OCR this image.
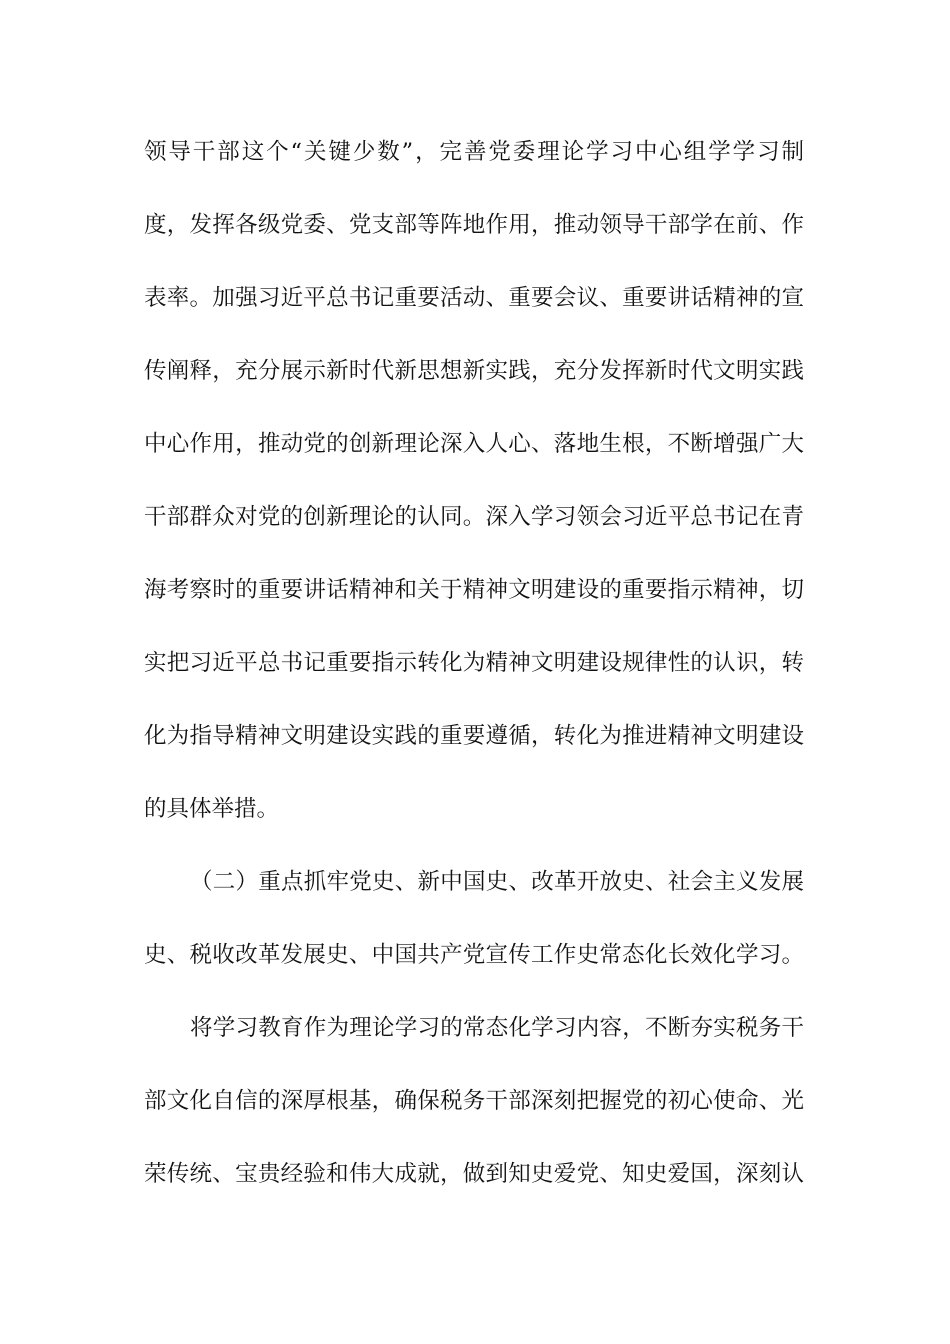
领导干部这个“关键少数”，完善党委理论学习中心组学学习制
度，发挥各级党委、党支部等阵地作用，推动领导干部学在前、作
表率。加强习近平总书记重要活动、重要会议、重要讲话精神的宣
传阐释，充分展示新时代新思想新实践，充分发挥新时代文明实践
中心作用，推动党的创新理论深入人心、落地生根，不断增强广大
干部群众对党的创新理论的认同。深入学习领会习近平总书记在青
海考察时的重要讲话精神和关于精神文明建设的重要指示精神，切
实把习近平总书记重要指示转化为精神文明建设规律性的认识，转
化为指导精神文明建设实践的重要遵循，转化为推进精神文明建设
的具体举措。
（二）重点抓牢党史、新中国史、改革开放史、社会主义发展
史、税收改革发展史、中国共产党宣传工作史常态化长效化学习。
将学习教育作为理论学习的常态化学习内容，不断夯实税务干
部文化自信的深厚根基，确保税务干部深刻把握党的初心使命、光
荣传统、宝贵经验和伟大成就，做到知史爱党、知史爱国，深刻认
